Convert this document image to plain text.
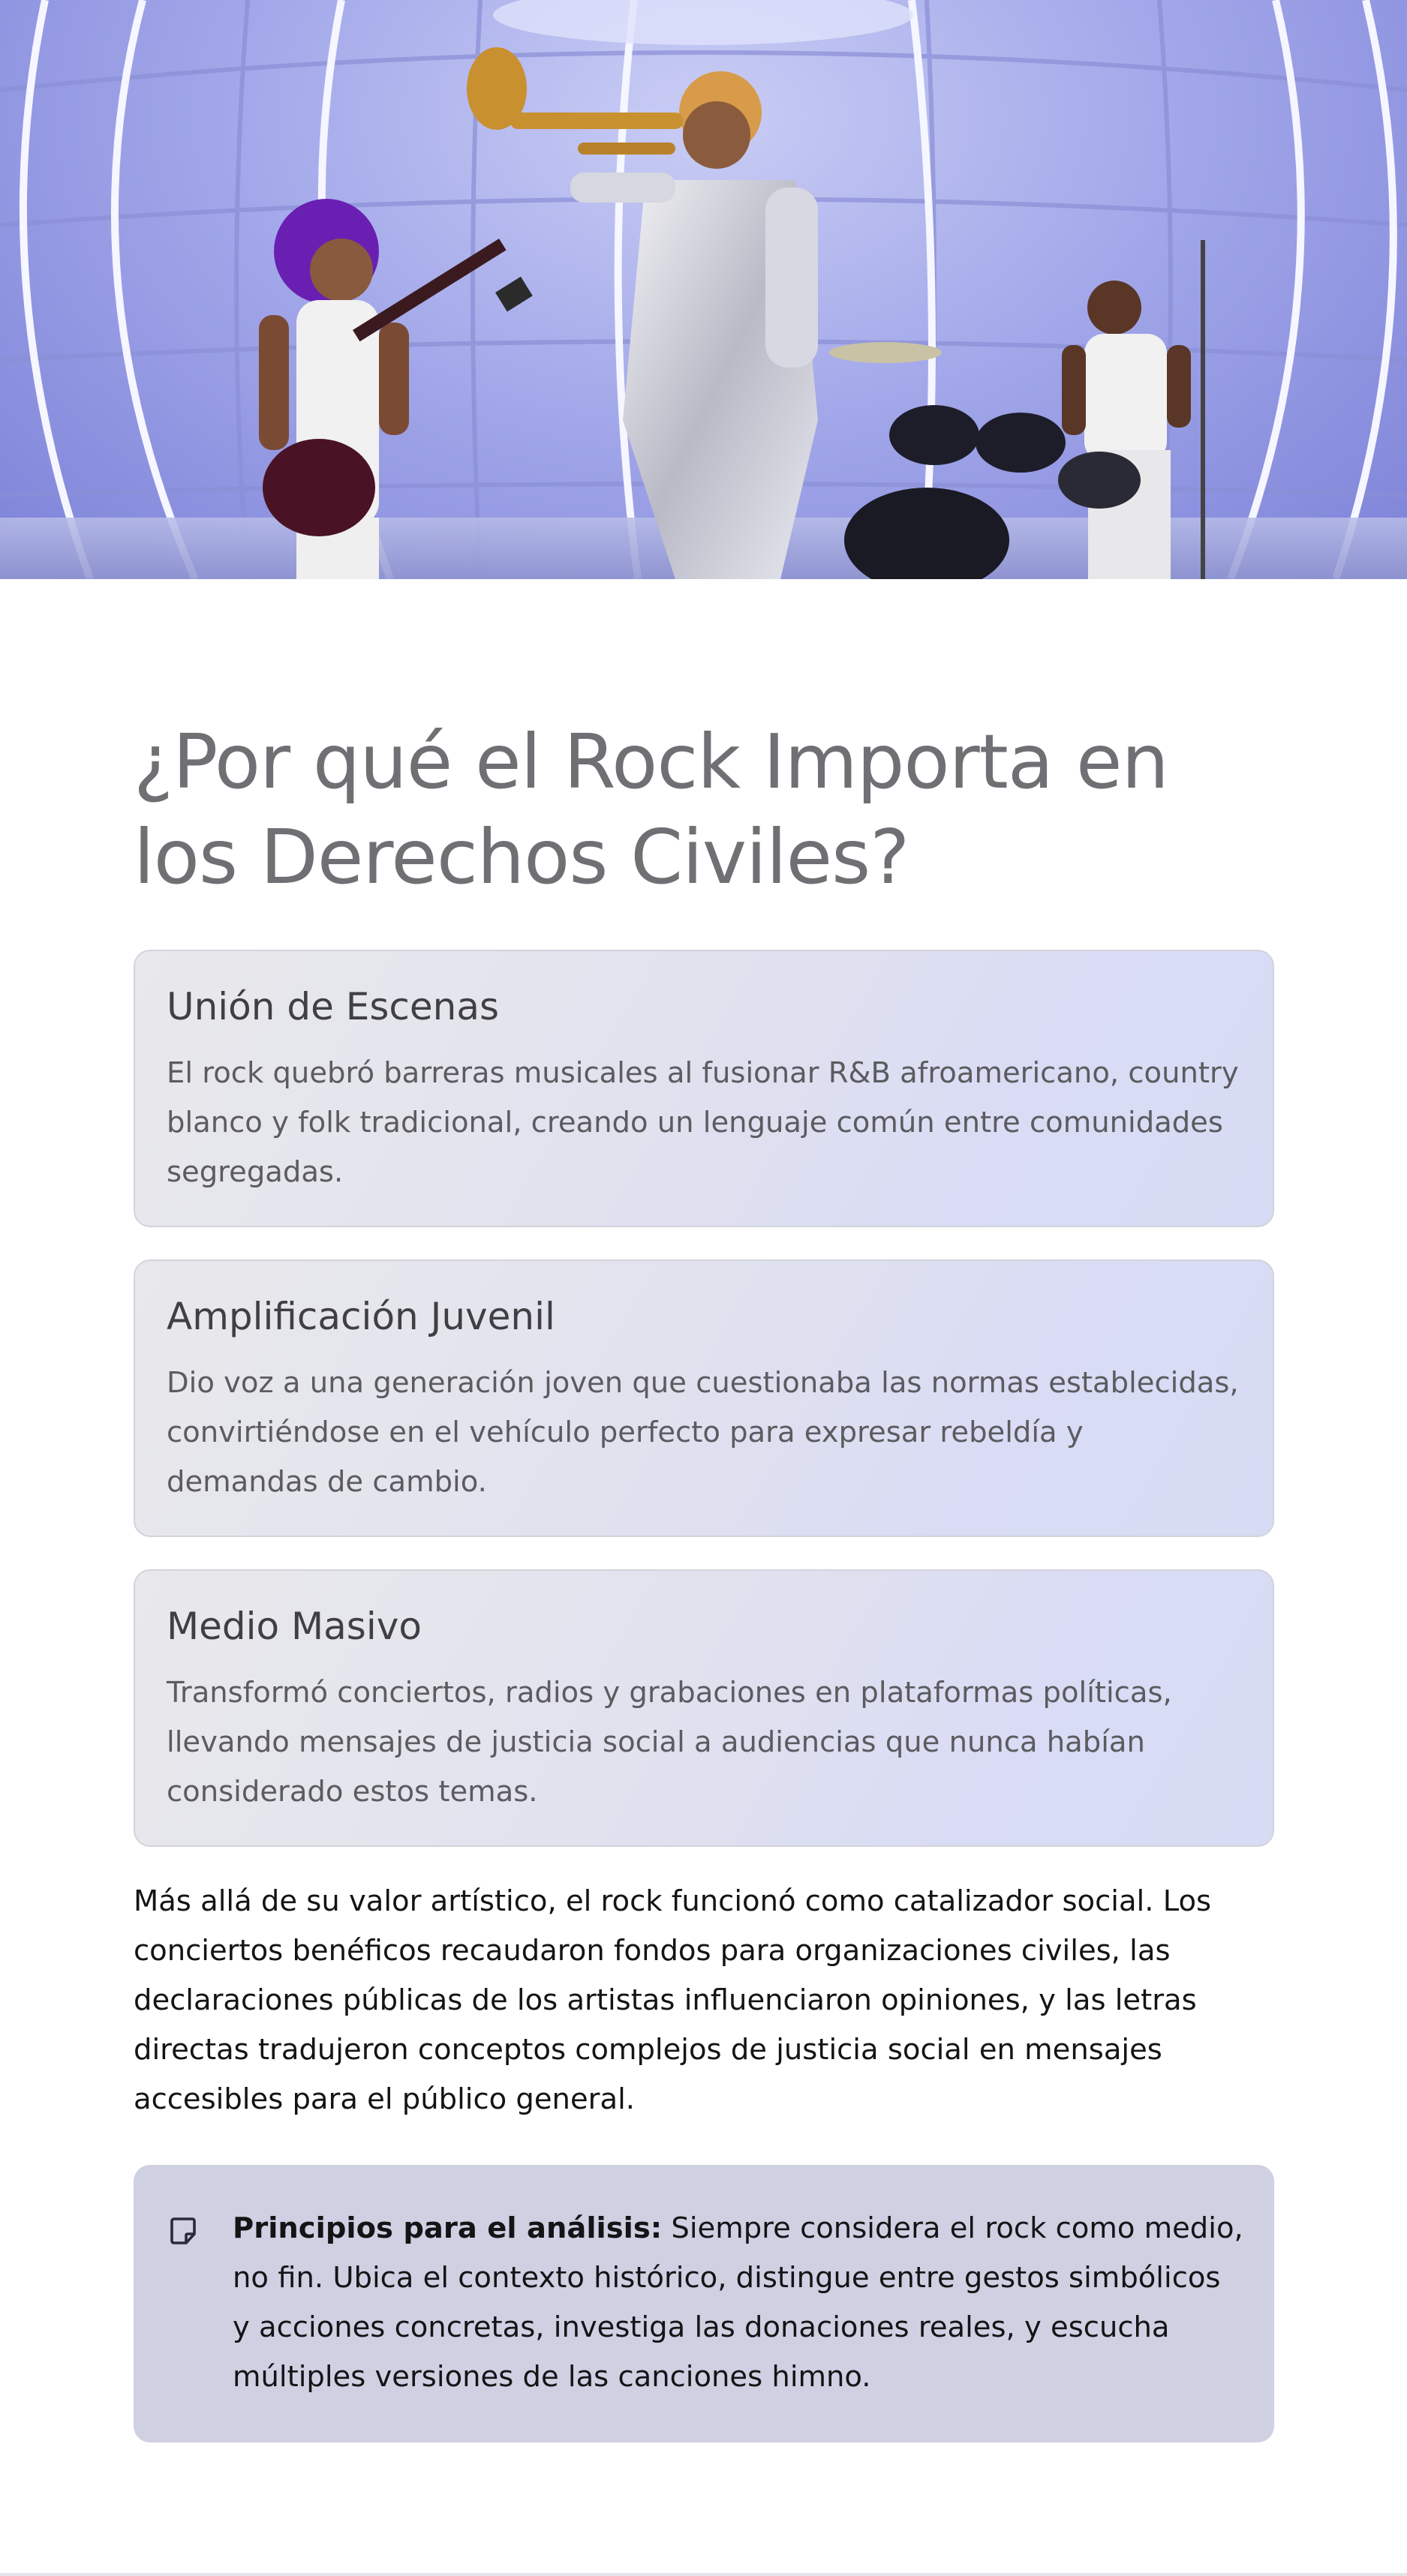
¿Por qué el Rock Importa en los Derechos Civiles?
Unión de Escenas

El rock quebró barreras musicales al fusionar R&B afroamericano, country blanco y folk tradicional, creando un lenguaje común entre comunidades segregadas.

Amplificación Juvenil

Dio voz a una generación joven que cuestionaba las normas establecidas, convirtiéndose en el vehículo perfecto para expresar rebeldía y demandas de cambio.

Medio Masivo

Transformó conciertos, radios y grabaciones en plataformas políticas, llevando mensajes de justicia social a audiencias que nunca habían considerado estos temas.

Más allá de su valor artístico, el rock funcionó como catalizador social. Los conciertos benéficos recaudaron fondos para organizaciones civiles, las declaraciones públicas de los artistas influenciaron opiniones, y las letras directas tradujeron conceptos complejos de justicia social en mensajes accesibles para el público general.

Principios para el análisis: Siempre considera el rock como medio, no fin. Ubica el contexto histórico, distingue entre gestos simbólicos y acciones concretas, investiga las donaciones reales, y escucha múltiples versiones de las canciones himno.
